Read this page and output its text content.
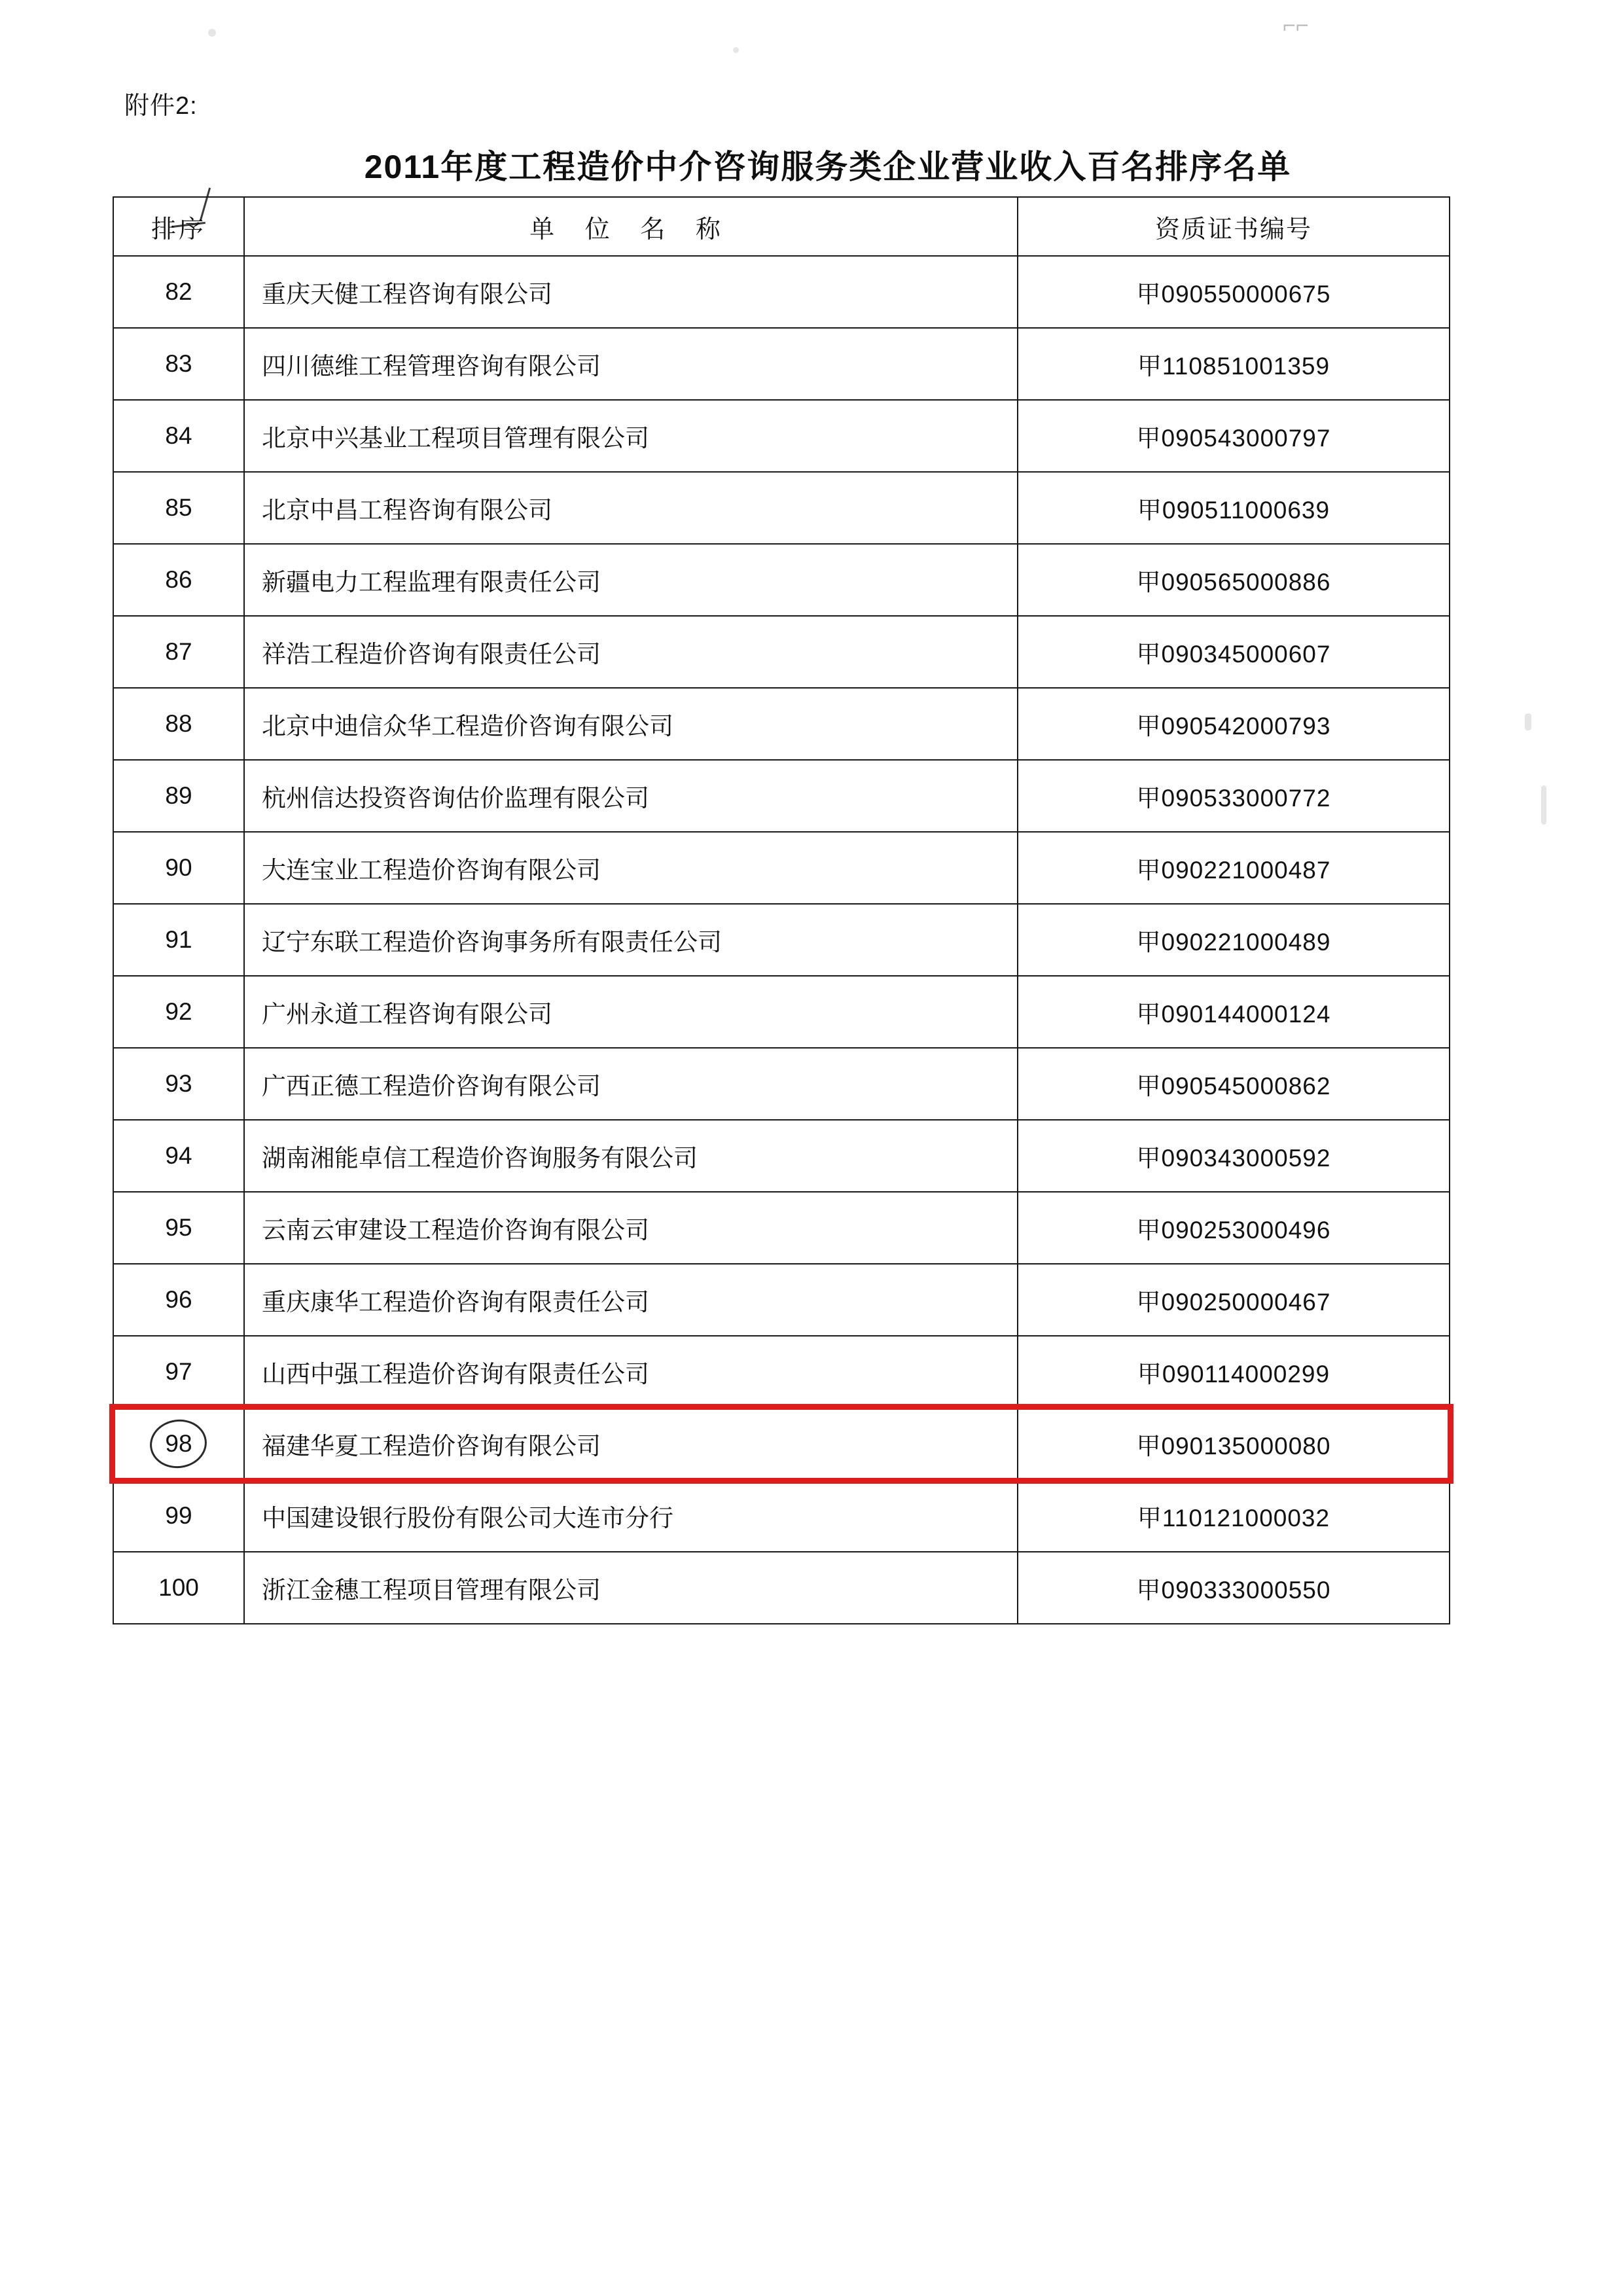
⌐⌐
附件2:
2011年度工程造价中介咨询服务类企业营业收入百名排序名单
排序	单 位 名 称	资质证书编号
82	重庆天健工程咨询有限公司	甲090550000675
83	四川德维工程管理咨询有限公司	甲110851001359
84	北京中兴基业工程项目管理有限公司	甲090543000797
85	北京中昌工程咨询有限公司	甲090511000639
86	新疆电力工程监理有限责任公司	甲090565000886
87	祥浩工程造价咨询有限责任公司	甲090345000607
88	北京中迪信众华工程造价咨询有限公司	甲090542000793
89	杭州信达投资咨询估价监理有限公司	甲090533000772
90	大连宝业工程造价咨询有限公司	甲090221000487
91	辽宁东联工程造价咨询事务所有限责任公司	甲090221000489
92	广州永道工程咨询有限公司	甲090144000124
93	广西正德工程造价咨询有限公司	甲090545000862
94	湖南湘能卓信工程造价咨询服务有限公司	甲090343000592
95	云南云审建设工程造价咨询有限公司	甲090253000496
96	重庆康华工程造价咨询有限责任公司	甲090250000467
97	山西中强工程造价咨询有限责任公司	甲090114000299
98	福建华夏工程造价咨询有限公司	甲090135000080
99	中国建设银行股份有限公司大连市分行	甲110121000032
100	浙江金穗工程项目管理有限公司	甲090333000550
